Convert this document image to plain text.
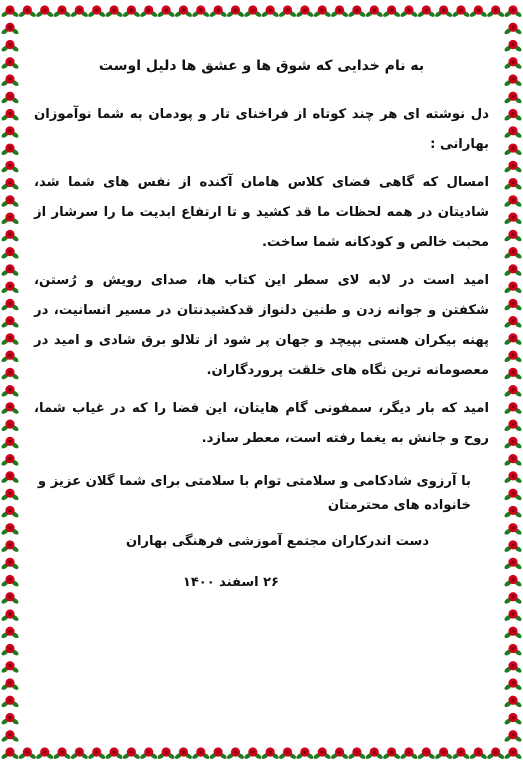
به نام خدایی که شوق ها و عشق ها دلیل اوست
دل نوشته ای هر چند کوتاه از فراخنای تار و پودمان به شما نوآموزان بهارانی :
امسال که گاهی فضای کلاس هامان آکنده از نفس های شما شد، شادیتان در همه لحظات ما قد کشید و تا ارتفاع ابدیت ما را سرشار از محبت خالص و کودکانه شما ساخت.
امید است در لابه لای سطر این کتاب ها، صدای رویش و رُستن، شکفتن و جوانه زدن و طنین دلنواز قدکشیدنتان در مسیر انسانیت، در پهنه بیکران هستی بپیچد و جهان پر شود از تلالو برق شادی و امید در معصومانه ترین نگاه های خلقت پروردگاران.
امید که بار دیگر، سمفونی گام هایتان، این فضا را که در غیاب شما، روح و جانش به یغما رفته است، معطر سازد.
با آرزوی شادکامی و سلامتی توام با سلامتی برای شما گلان عزیز و خانواده های محترمتان
دست اندرکاران مجتمع آموزشی فرهنگی بهاران
۲۶ اسفند ۱۴۰۰
